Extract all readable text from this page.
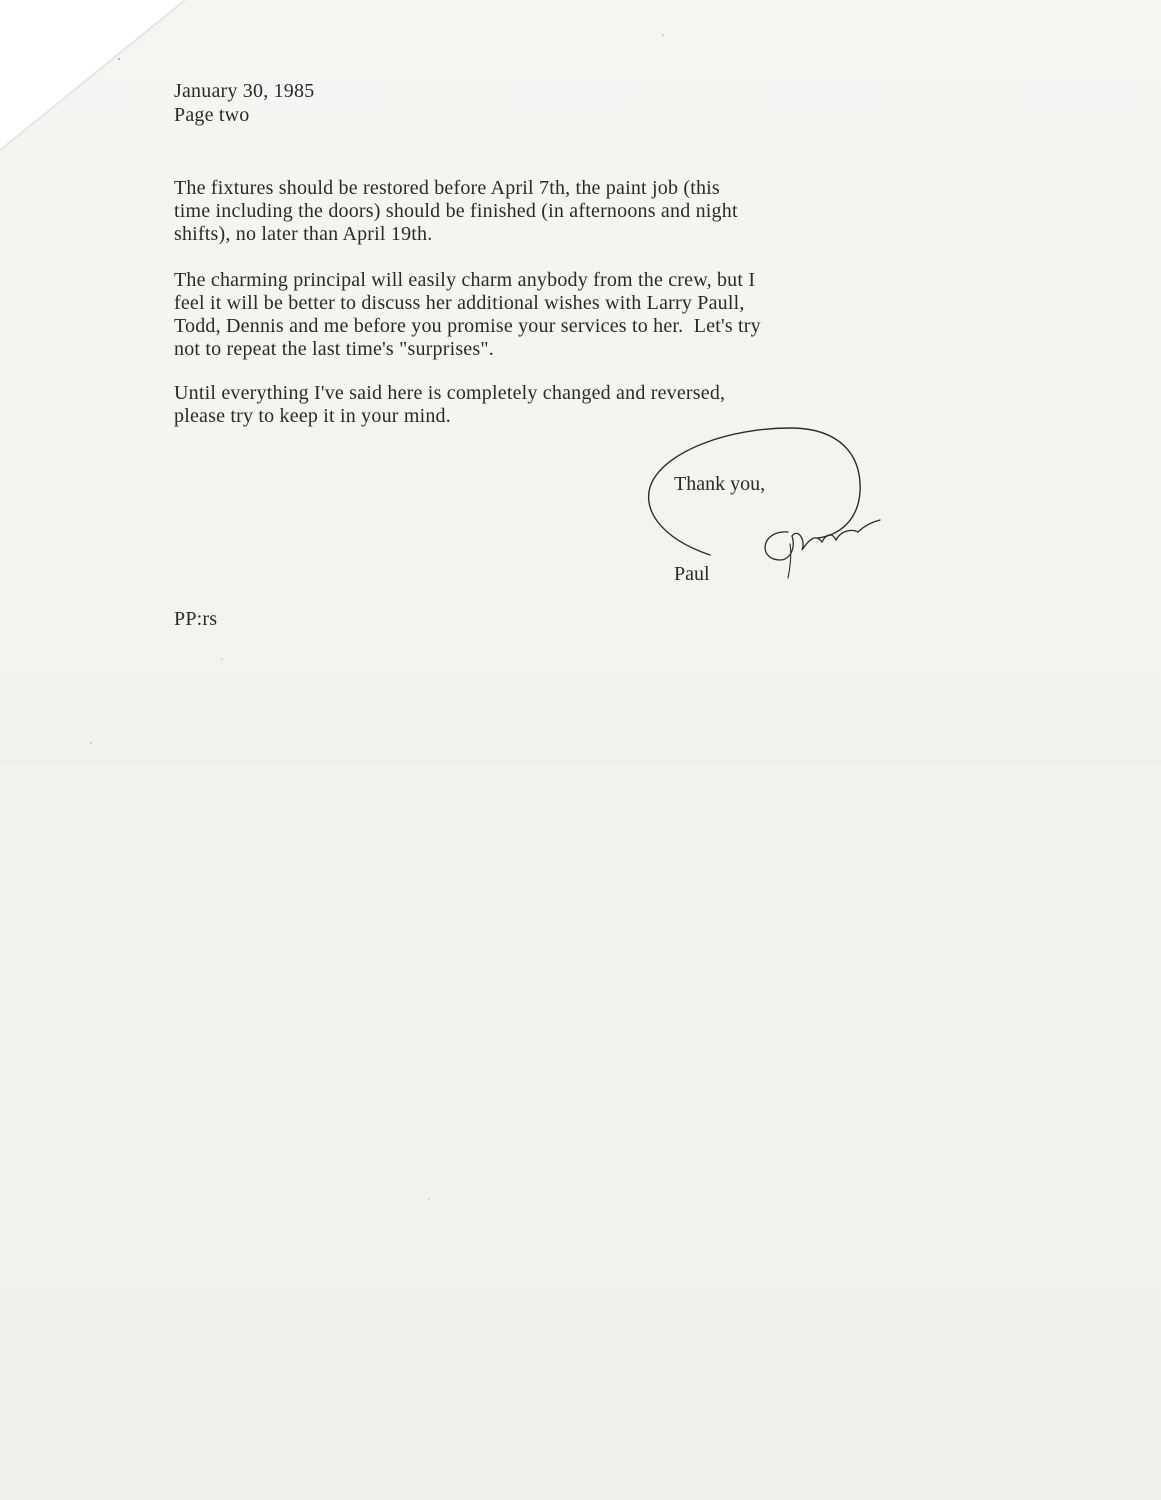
January 30, 1985
Page two
The fixtures should be restored before April 7th, the paint job (this
time including the doors) should be finished (in afternoons and night
shifts), no later than April 19th.
The charming principal will easily charm anybody from the crew, but I
feel it will be better to discuss her additional wishes with Larry Paull,
Todd, Dennis and me before you promise your services to her.  Let's try
not to repeat the last time's "surprises".
Until everything I've said here is completely changed and reversed,
please try to keep it in your mind.
Thank you,
Paul
PP:rs
